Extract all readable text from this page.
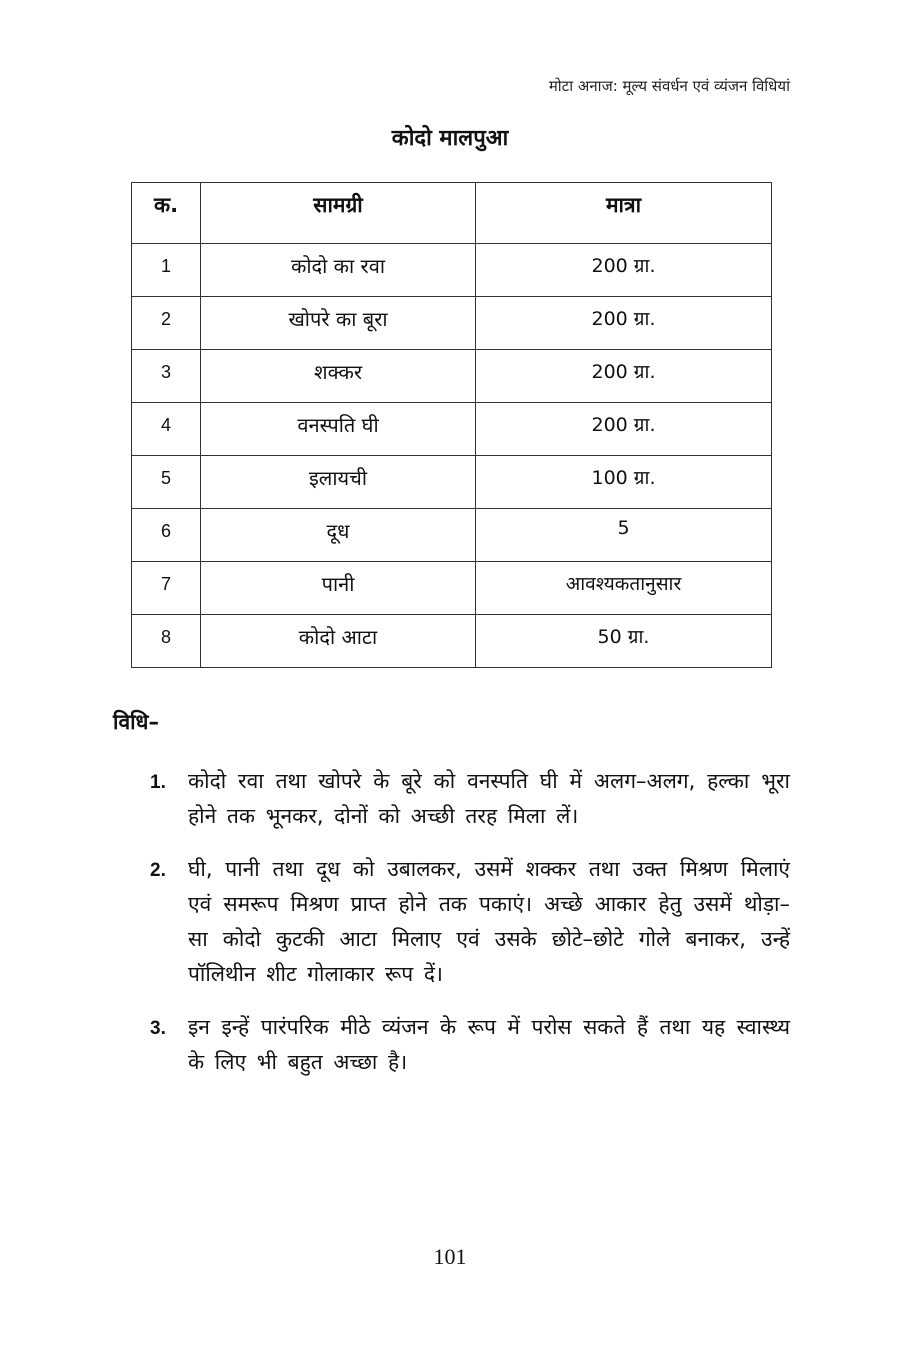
मोटा अनाज: मूल्य संवर्धन एवं व्यंजन विधियां
कोदो मालपुआ
क.	सामग्री	मात्रा
1	कोदो का रवा	200 ग्रा.
2	खोपरे का बूरा	200 ग्रा.
3	शक्कर	200 ग्रा.
4	वनस्पति घी	200 ग्रा.
5	इलायची	100 ग्रा.
6	दूध	5
7	पानी	आवश्यकतानुसार
8	कोदो आटा	50 ग्रा.
विधि–
1.	कोदो रवा तथा खोपरे के बूरे को वनस्पति घी में अलग–अलग, हल्का भूरा होने तक भूनकर, दोनों को अच्छी तरह मिला लें।
2.	घी, पानी तथा दूध को उबालकर, उसमें शक्कर तथा उक्त मिश्रण मिलाएं एवं समरूप मिश्रण प्राप्त होने तक पकाएं। अच्छे आकार हेतु उसमें थोड़ा–सा कोदो कुटकी आटा मिलाए एवं उसके छोटे–छोटे गोले बनाकर, उन्हें पॉलिथीन शीट गोलाकार रूप दें।
3.	इन इन्हें पारंपरिक मीठे व्यंजन के रूप में परोस सकते हैं तथा यह स्वास्थ्य के लिए भी बहुत अच्छा है।
101
